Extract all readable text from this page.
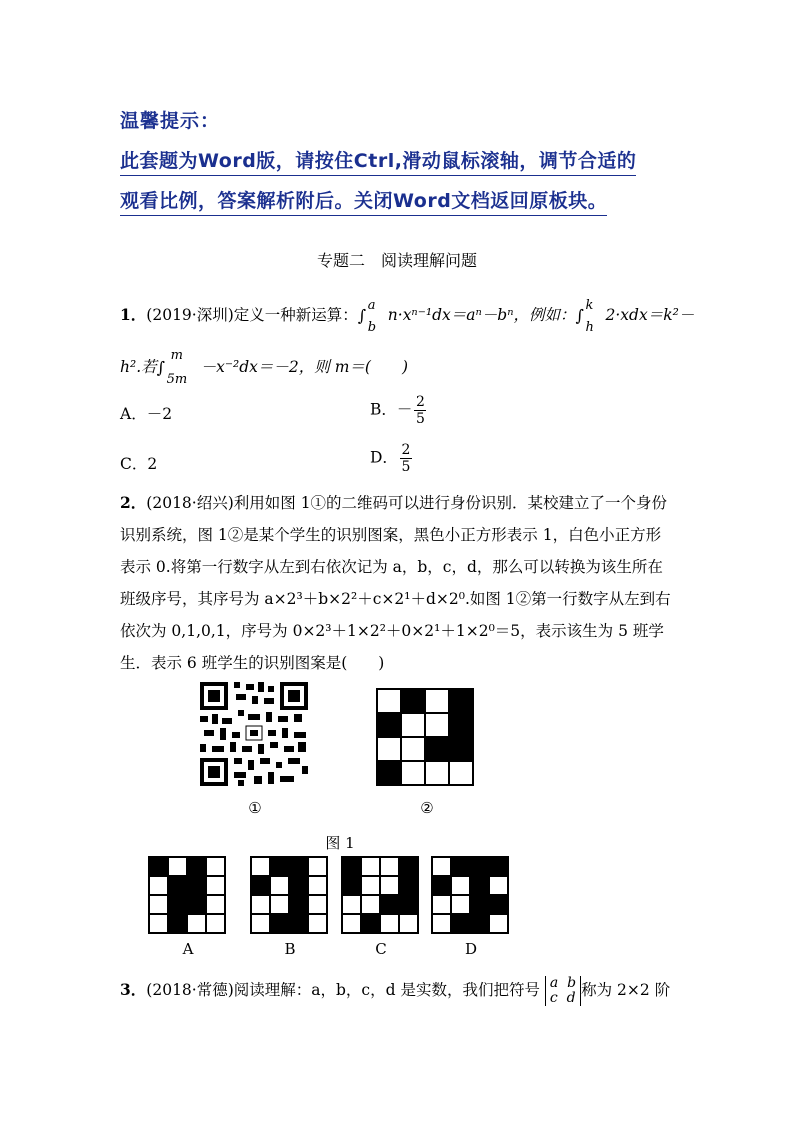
温馨提示：
此套题为Word版，请按住Ctrl,滑动鼠标滚轴，调节合适的
观看比例，答案解析附后。关闭Word文档返回原板块。
专题二　阅读理解问题
1．(2019·深圳)定义一种新运算： ∫
a
b
n·xⁿ⁻¹dx＝aⁿ－bⁿ，例如： ∫
k
h
2·xdx＝k²－
h².若 ∫
m
5m
－x⁻²dx＝－2，则 m＝(　　)
A．－2	B．－ $\frac{2}{5}$
C．2	D． $\frac{2}{5}$
2．(2018·绍兴)利用如图 1①的二维码可以进行身份识别．某校建立了一个身份
识别系统，图 1②是某个学生的识别图案，黑色小正方形表示 1，白色小正方形
表示 0.将第一行数字从左到右依次记为 a，b，c，d，那么可以转换为该生所在
班级序号，其序号为 a×2³＋b×2²＋c×2¹＋d×2⁰.如图 1②第一行数字从左到右
依次为 0,1,0,1，序号为 0×2³＋1×2²＋0×2¹＋1×2⁰＝5，表示该生为 5 班学
生．表示 6 班学生的识别图案是(　　)
①	②
图 1
A	B	C	D
3．(2018·常德)阅读理解：a，b，c，d 是实数，我们把符号 a  b
c  d 称为 2×2 阶
